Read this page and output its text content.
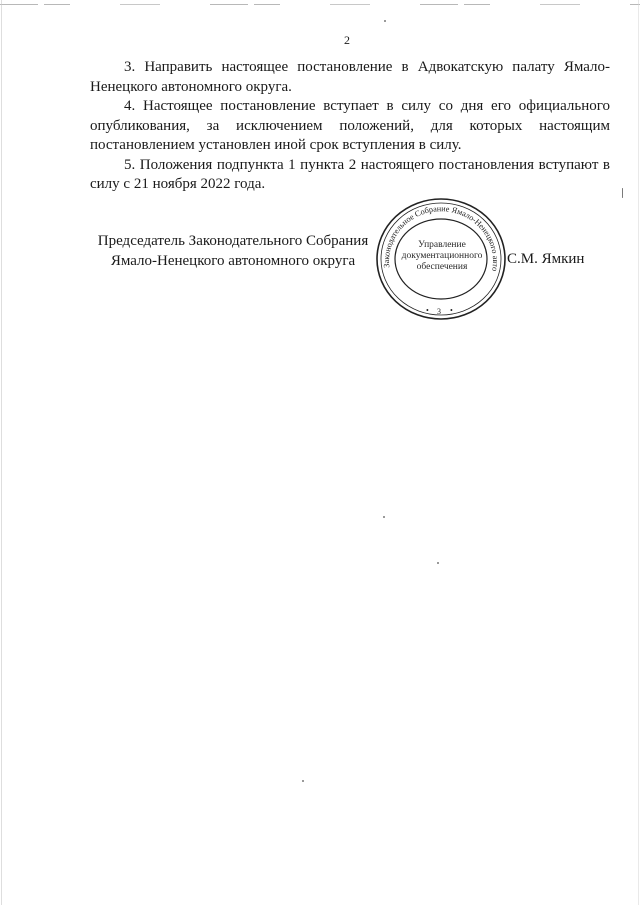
2

3. Направить настоящее постановление в Адвокатскую палату Ямало-Ненецкого автономного округа.

4. Настоящее постановление вступает в силу со дня его официального опубликования, за исключением положений, для которых настоящим постановлением установлен иной срок вступления в силу.

5. Положения подпункта 1 пункта 2 настоящего постановления вступают в силу с 21 ноября 2022 года.

Председатель Законодательного Собрания
Ямало-Ненецкого автономного округа	Законодательное Собрание Ямало-Ненецкого авто
3
•	•
Управление
документационного
обеспечения	С.М. Ямкин
